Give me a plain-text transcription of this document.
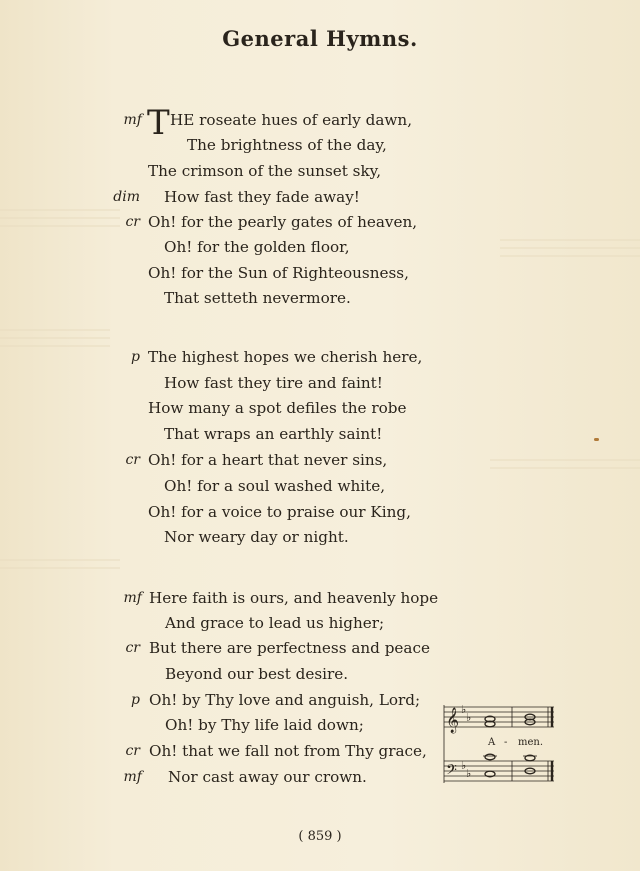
General Hymns.
mf T HE roseate hues of early dawn,
The brightness of the day,
The crimson of the sunset sky,
dim How fast they fade away!
cr Oh! for the pearly gates of heaven,
Oh! for the golden floor,
Oh! for the Sun of Righteousness,
That setteth nevermore.
p The highest hopes we cherish here,
How fast they tire and faint!
How many a spot defiles the robe
That wraps an earthly saint!
cr Oh! for a heart that never sins,
Oh! for a soul washed white,
Oh! for a voice to praise our King,
Nor weary day or night.
mf Here faith is ours, and heavenly hope
And grace to lead us higher;
cr But there are perfectness and peace
Beyond our best desire.
p Oh! by Thy love and anguish, Lord;
Oh! by Thy life laid down;
cr Oh! that we fall not from Thy grace,
mf Nor cast away our crown.
𝄞
𝄢
♭
♭
♭
♭
A - men.
( 859 )
